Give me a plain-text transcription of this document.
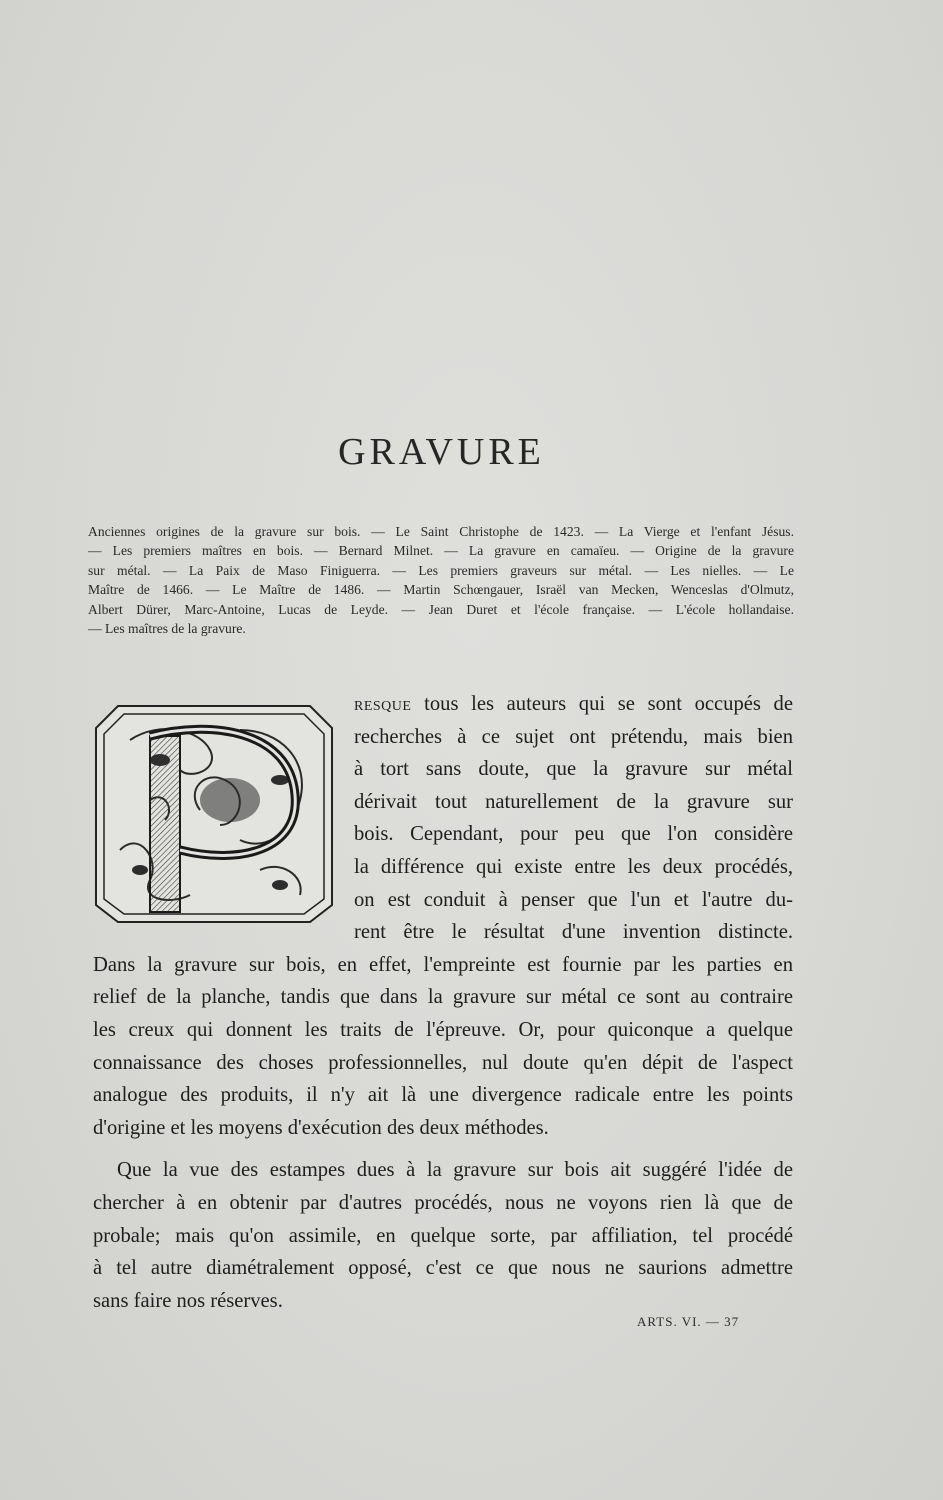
GRAVURE
Anciennes origines de la gravure sur bois. — Le Saint Christophe de 1423. — La Vierge et l'enfant Jésus.
— Les premiers maîtres en bois. — Bernard Milnet. — La gravure en camaïeu. — Origine de la gravure
sur métal. — La Paix de Maso Finiguerra. — Les premiers graveurs sur métal. — Les nielles. — Le
Maître de 1466. — Le Maître de 1486. — Martin Schœngauer, Israël van Mecken, Wenceslas d'Olmutz,
Albert Dürer, Marc-Antoine, Lucas de Leyde. — Jean Duret et l'école française. — L'école hollandaise.
— Les maîtres de la gravure.
P
resque tous les auteurs qui se sont occupés de
recherches à ce sujet ont prétendu, mais bien
à tort sans doute, que la gravure sur métal
dérivait tout naturellement de la gravure sur
bois. Cependant, pour peu que l'on considère
la différence qui existe entre les deux procédés,
on est conduit à penser que l'un et l'autre du-
rent être le résultat d'une invention distincte.
Dans la gravure sur bois, en effet, l'empreinte est fournie par les parties en
relief de la planche, tandis que dans la gravure sur métal ce sont au contraire
les creux qui donnent les traits de l'épreuve. Or, pour quiconque a quelque
connaissance des choses professionnelles, nul doute qu'en dépit de l'aspect
analogue des produits, il n'y ait là une divergence radicale entre les points
d'origine et les moyens d'exécution des deux méthodes.
Que la vue des estampes dues à la gravure sur bois ait suggéré l'idée de
chercher à en obtenir par d'autres procédés, nous ne voyons rien là que de
probale; mais qu'on assimile, en quelque sorte, par affiliation, tel procédé
à tel autre diamétralement opposé, c'est ce que nous ne saurions admettre
sans faire nos réserves.
ARTS. VI. — 37
